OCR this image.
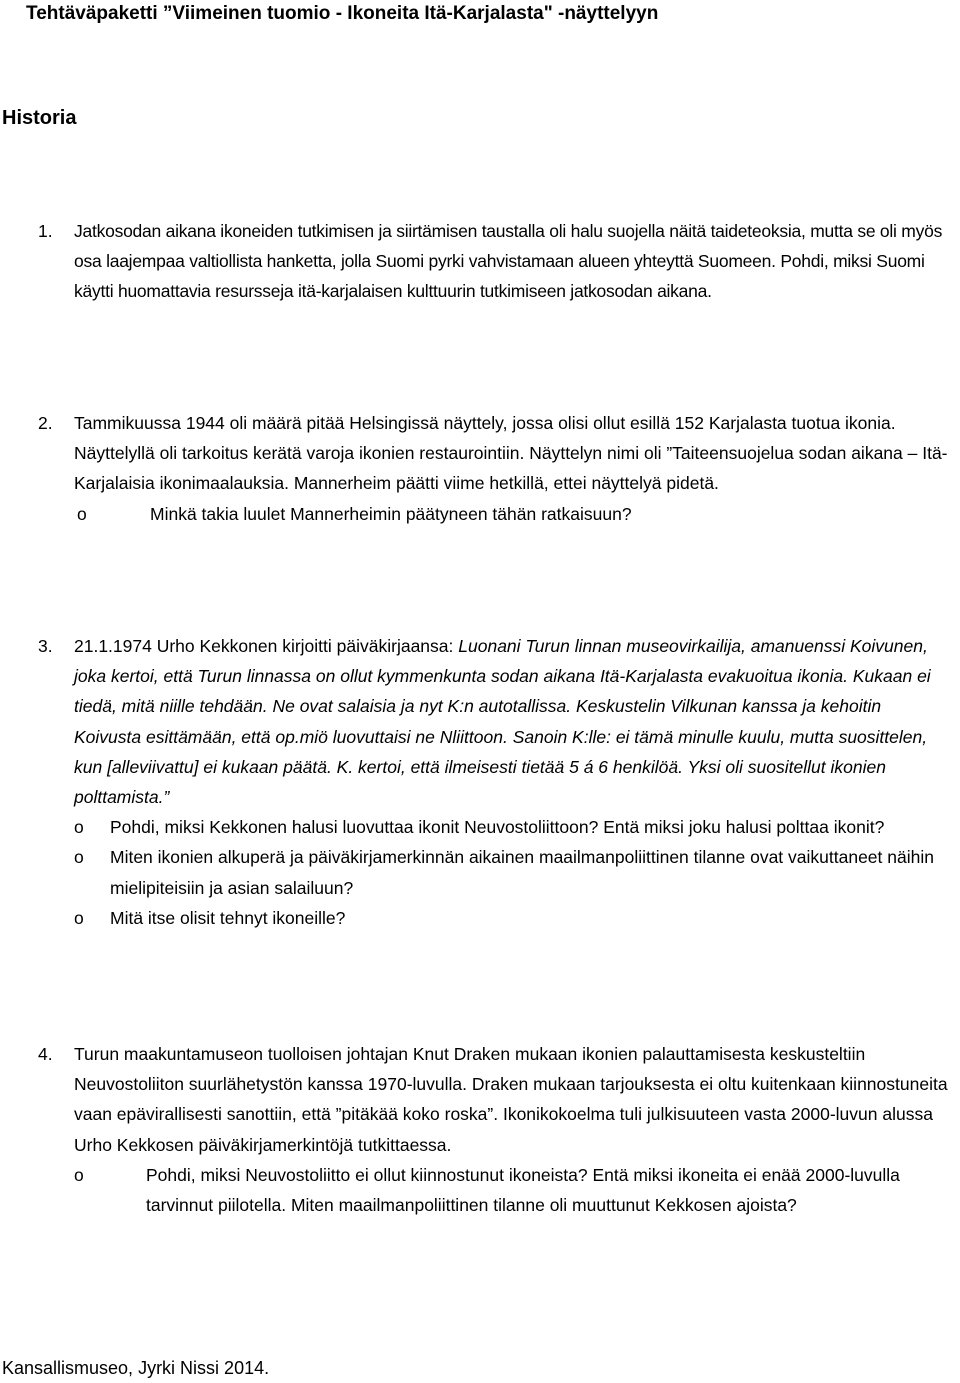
Tehtäväpaketti ”Viimeinen tuomio - Ikoneita Itä-Karjalasta" -näyttelyyn
Historia
1. Jatkosodan aikana ikoneiden tutkimisen ja siirtämisen taustalla oli halu suojella näitä taideteoksia, mutta se oli myös osa laajempaa valtiollista hanketta, jolla Suomi pyrki vahvistamaan alueen yhteyttä Suomeen. Pohdi, miksi Suomi käytti huomattavia resursseja itä-karjalaisen kulttuurin tutkimiseen jatkosodan aikana.
2. Tammikuussa 1944 oli määrä pitää Helsingissä näyttely, jossa olisi ollut esillä 152 Karjalasta tuotua ikonia. Näyttelyllä oli tarkoitus kerätä varoja ikonien restaurointiin. Näyttelyn nimi oli ”Taiteensuojelua sodan aikana – Itä-Karjalaisia ikonimaalauksia. Mannerheim päätti viime hetkillä, ettei näyttelyä pidetä.
o	Minkä takia luulet Mannerheimin päätyneen tähän ratkaisuun?
3. 21.1.1974 Urho Kekkonen kirjoitti päiväkirjaansa: Luonani Turun linnan museovirkailija, amanuenssi Koivunen, joka kertoi, että Turun linnassa on ollut kymmenkunta sodan aikana Itä-Karjalasta evakuoitua ikonia. Kukaan ei tiedä, mitä niille tehdään. Ne ovat salaisia ja nyt K:n autotallissa. Keskustelin Vilkunan kanssa ja kehoitin Koivusta esittämään, että op.miö luovuttaisi ne Nliittoon. Sanoin K:lle: ei tämä minulle kuulu, mutta suosittelen, kun [alleviivattu] ei kukaan päätä. K. kertoi, että ilmeisesti tietää 5 á 6 henkilöä. Yksi oli suositellut ikonien polttamista.”
o Pohdi, miksi Kekkonen halusi luovuttaa ikonit Neuvostoliittoon? Entä miksi joku halusi polttaa ikonit?
o Miten ikonien alkuperä ja päiväkirjamerkinnän aikainen maailmanpoliittinen tilanne ovat vaikuttaneet näihin mielipiteisiin ja asian salailuun?
o Mitä itse olisit tehnyt ikoneille?
4. Turun maakuntamuseon tuolloisen johtajan Knut Draken mukaan ikonien palauttamisesta keskusteltiin Neuvostoliiton suurlähetystön kanssa 1970-luvulla. Draken mukaan tarjouksesta ei oltu kuitenkaan kiinnostuneita vaan epävirallisesti sanottiin, että ”pitäkää koko roska”. Ikonikokoelma tuli julkisuuteen vasta 2000-luvun alussa Urho Kekkosen päiväkirjamerkintöjä tutkittaessa.
o	Pohdi, miksi Neuvostoliitto ei ollut kiinnostunut ikoneista? Entä miksi ikoneita ei enää 2000-luvulla tarvinnut piilotella. Miten maailmanpoliittinen tilanne oli muuttunut Kekkosen ajoista?
Kansallismuseo, Jyrki Nissi 2014.
